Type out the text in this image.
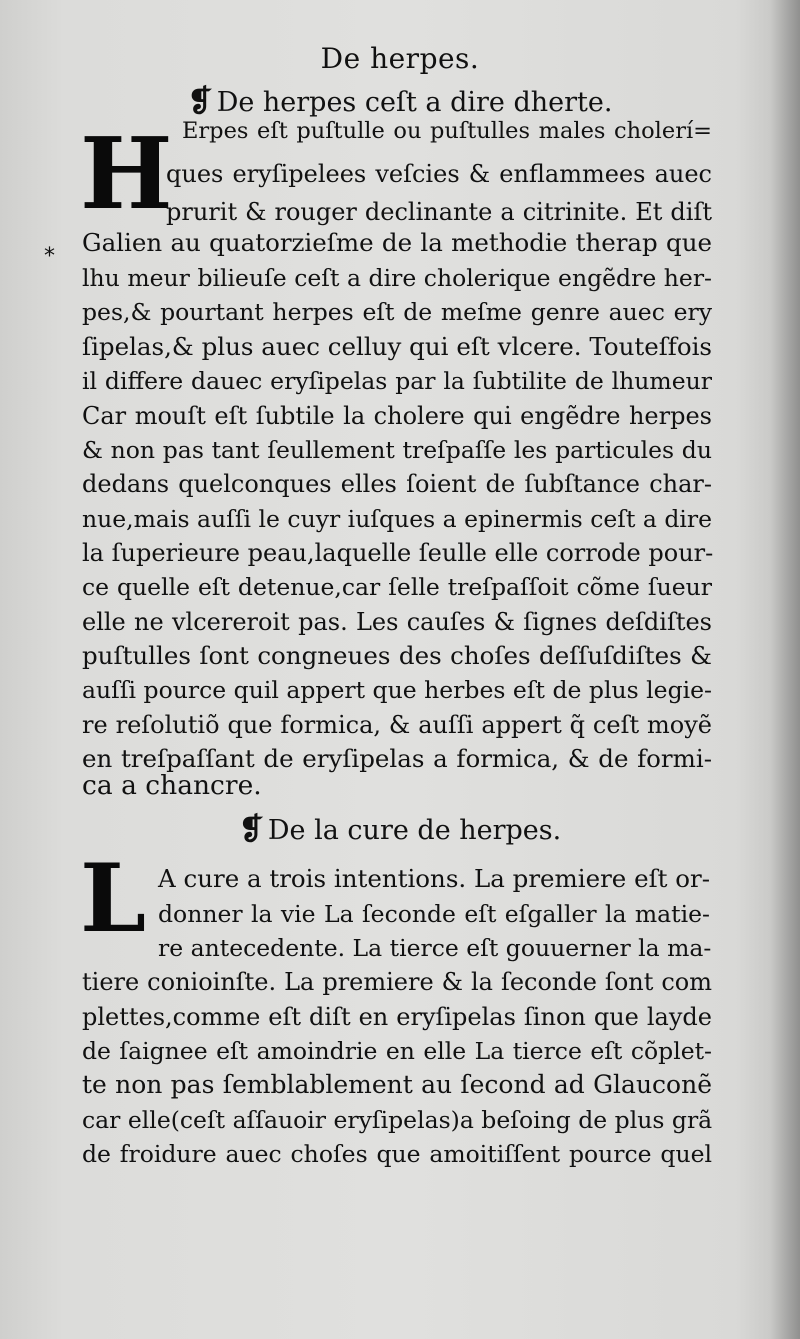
De herpes.
❡ De herpes ceſt a dire dherte.
H Erpes eſt puſtulle ou puſtulles males cholerí=
ques eryſipelees veſcies & enflammees auec
prurit & rouger declinante a citrinite. Et diſt
Galien au quatorzieſme de la methodie therap que
lhu meur bilieuſe ceſt a dire cholerique engẽdre her-
pes,& pourtant herpes eſt de meſme genre auec ery
ſipelas,& plus auec celluy qui eſt vlcere. Touteſfois
il differe dauec eryſipelas par la ſubtilite de lhumeur
Car mouſt eſt ſubtile la cholere qui engẽdre herpes
& non pas tant ſeullement treſpaſſe les particules du
dedans quelconques elles ſoient de ſubſtance char-
nue,mais auſſi le cuyr iuſques a epinermis ceſt a dire
la ſuperieure peau,laquelle ſeulle elle corrode pour-
ce quelle eſt detenue,car ſelle treſpaſſoit cõme ſueur
elle ne vlcereroit pas. Les cauſes & ſignes deſdiſtes
puſtulles ſont congneues des choſes deſſuſdiſtes &
auſſi pource quil appert que herbes eſt de plus legie-
re reſolutiõ que formica, & auſſi appert q̃ ceſt moyẽ
en treſpaſſant de eryſipelas a formica, & de formi-
ca a chancre.
*
❡ De la cure de herpes.
L A cure a trois intentions. La premiere eſt or-
donner la vie La ſeconde eſt eſgaller la matie-
re antecedente. La tierce eſt gouuerner la ma-
tiere conioinſte. La premiere & la ſeconde ſont com
plettes,comme eſt diſt en eryſipelas ſinon que layde
de ſaignee eſt amoindrie en elle La tierce eſt cõplet-
te non pas ſemblablement au ſecond ad Glauconẽ
car elle(ceſt aſſauoir eryſipelas)a beſoing de plus grã
de froidure auec choſes que amoitiſſent pource quel
